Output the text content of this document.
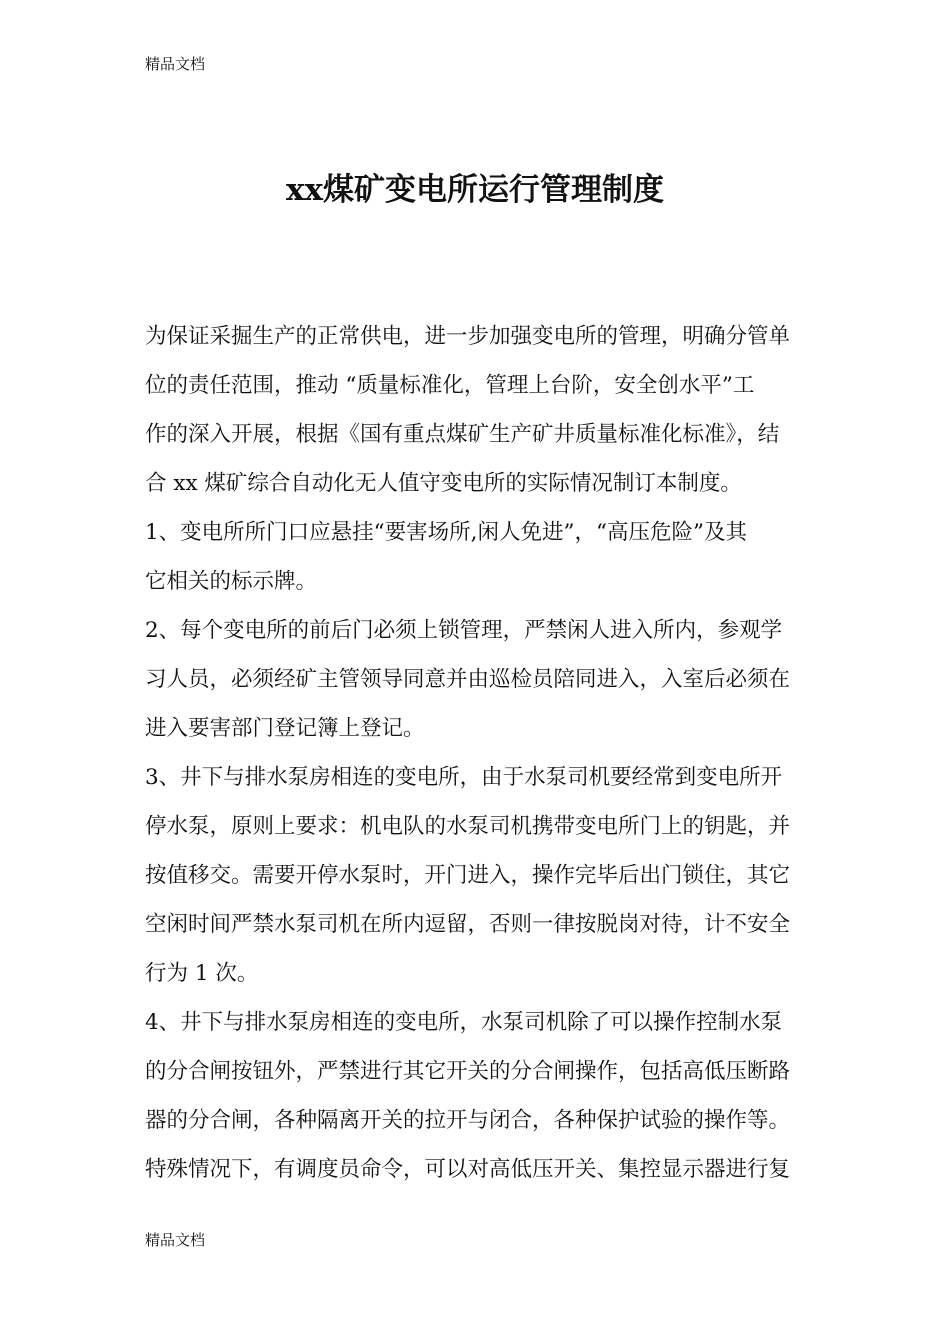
精品文档
xx煤矿变电所运行管理制度
为保证采掘生产的正常供电，进一步加强变电所的管理，明确分管单
位的责任范围，推动 “质量标准化，管理上台阶，安全创水平”工
作的深入开展，根据《国有重点煤矿生产矿井质量标准化标准》，结
合 xx 煤矿综合自动化无人值守变电所的实际情况制订本制度。
1、变电所所门口应悬挂“要害场所,闲人免进”，“高压危险”及其
它相关的标示牌。
2、每个变电所的前后门必须上锁管理，严禁闲人进入所内，参观学
习人员，必须经矿主管领导同意并由巡检员陪同进入，入室后必须在
进入要害部门登记簿上登记。
3、井下与排水泵房相连的变电所，由于水泵司机要经常到变电所开
停水泵，原则上要求：机电队的水泵司机携带变电所门上的钥匙，并
按值移交。需要开停水泵时，开门进入，操作完毕后出门锁住，其它
空闲时间严禁水泵司机在所内逗留，否则一律按脱岗对待，计不安全
行为 1 次。
4、井下与排水泵房相连的变电所，水泵司机除了可以操作控制水泵
的分合闸按钮外，严禁进行其它开关的分合闸操作，包括高低压断路
器的分合闸，各种隔离开关的拉开与闭合，各种保护试验的操作等。
特殊情况下，有调度员命令，可以对高低压开关、集控显示器进行复
精品文档
